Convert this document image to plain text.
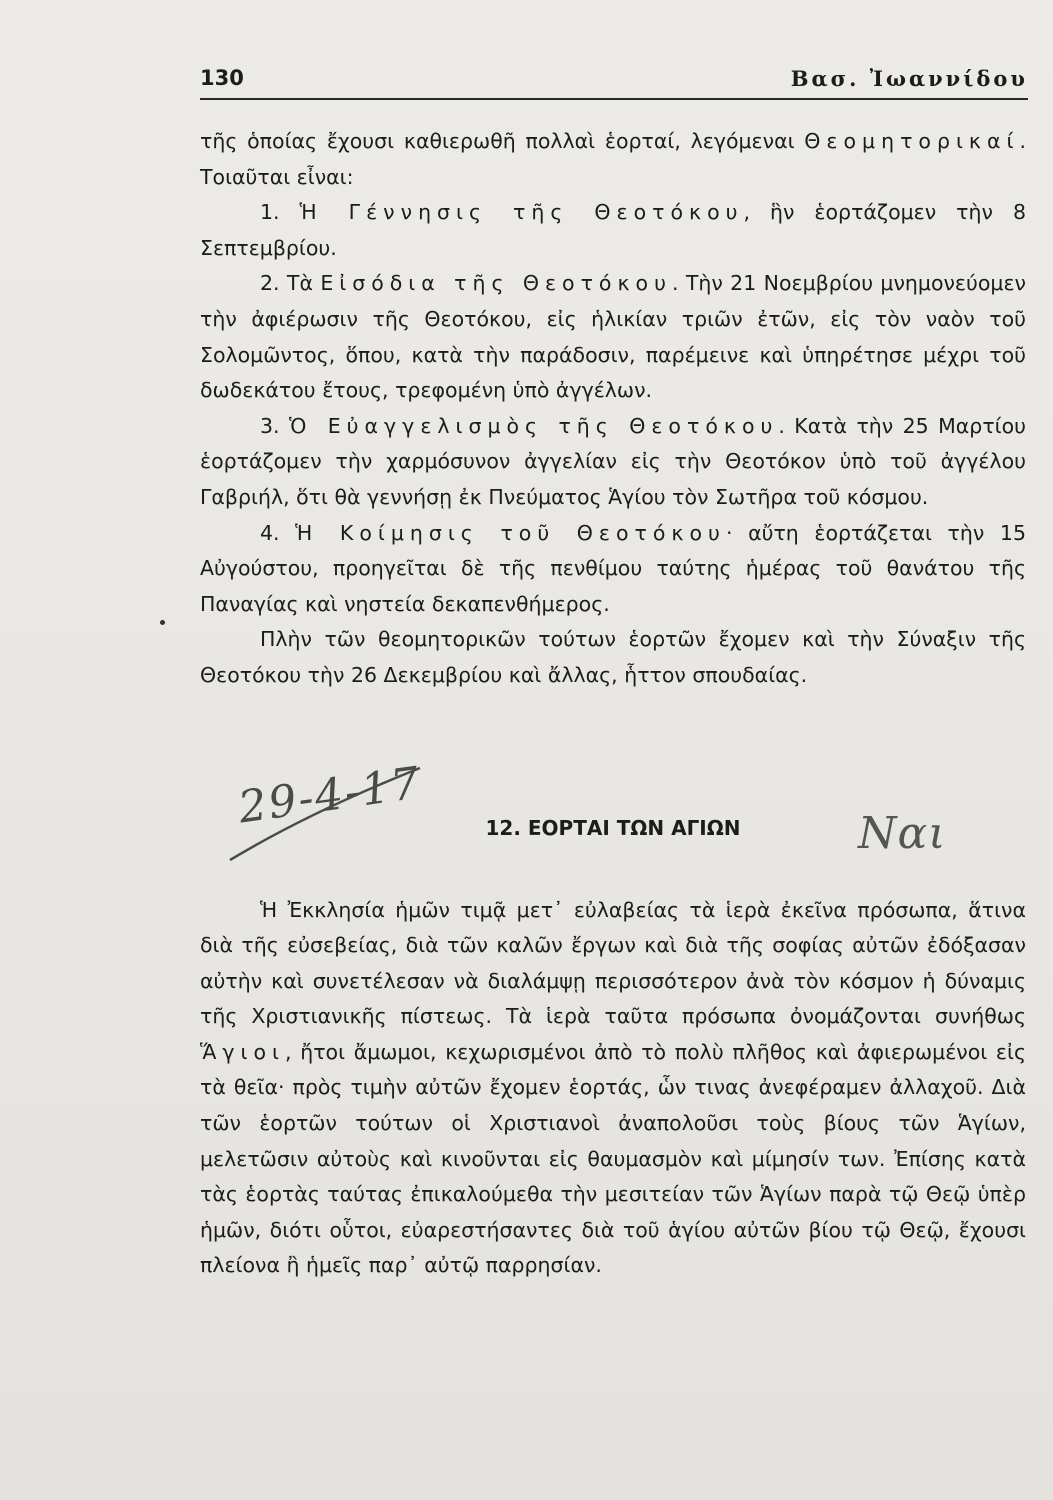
130	Βασ. Ἰωαννίδου

τῆς ὁποίας ἔχουσι καθιερωθῆ πολλαὶ ἑορταί, λεγόμεναι Θεομητορικαί. Τοιαῦται εἶναι:

1. Ἡ Γέννησις τῆς Θεοτόκου, ἣν ἑορτάζομεν τὴν 8 Σεπτεμβρίου.

2. Τὰ Εἰσόδια τῆς Θεοτόκου. Τὴν 21 Νοεμβρίου μνημονεύομεν τὴν ἀφιέρωσιν τῆς Θεοτόκου, εἰς ἡλικίαν τριῶν ἐτῶν, εἰς τὸν ναὸν τοῦ Σολομῶντος, ὅπου, κατὰ τὴν παράδοσιν, παρέμεινε καὶ ὑπηρέτησε μέχρι τοῦ δωδεκάτου ἔτους, τρεφομένη ὑπὸ ἀγγέλων.

3. Ὁ Εὐαγγελισμὸς τῆς Θεοτόκου. Κατὰ τὴν 25 Μαρτίου ἑορτάζομεν τὴν χαρμόσυνον ἀγγελίαν εἰς τὴν Θεοτόκον ὑπὸ τοῦ ἀγγέλου Γαβριήλ, ὅτι θὰ γεννήσῃ ἐκ Πνεύματος Ἁγίου τὸν Σωτῆρα τοῦ κόσμου.

4. Ἡ Κοίμησις τοῦ Θεοτόκου· αὔτη ἑορτάζεται τὴν 15 Αὐγούστου, προηγεῖται δὲ τῆς πενθίμου ταύτης ἡμέρας τοῦ θανάτου τῆς Παναγίας καὶ νηστεία δεκαπενθήμερος.

Πλὴν τῶν θεομητορικῶν τούτων ἑορτῶν ἔχομεν καὶ τὴν Σύναξιν τῆς Θεοτόκου τὴν 26 Δεκεμβρίου καὶ ἄλλας, ἧττον σπουδαίας.

29-4-17	Ναι
12. ΕΟΡΤΑΙ ΤΩΝ ΑΓΙΩΝ

Ἡ Ἐκκλησία ἡμῶν τιμᾷ μετ᾽ εὐλαβείας τὰ ἱερὰ ἐκεῖνα πρόσωπα, ἅτινα διὰ τῆς εὐσεβείας, διὰ τῶν καλῶν ἔργων καὶ διὰ τῆς σοφίας αὐτῶν ἐδόξασαν αὐτὴν καὶ συνετέλεσαν νὰ διαλάμψῃ περισσότερον ἀνὰ τὸν κόσμον ἡ δύναμις τῆς Χριστιανικῆς πίστεως. Τὰ ἱερὰ ταῦτα πρόσωπα ὀνομάζονται συνήθως Ἅγιοι, ἤτοι ἄμωμοι, κεχωρισμένοι ἀπὸ τὸ πολὺ πλῆθος καὶ ἀφιερωμένοι εἰς τὰ θεῖα· πρὸς τιμὴν αὐτῶν ἔχομεν ἑορτάς, ὧν τινας ἀνεφέραμεν ἀλλαχοῦ. Διὰ τῶν ἑορτῶν τούτων οἱ Χριστιανοὶ ἀναπολοῦσι τοὺς βίους τῶν Ἁγίων, μελετῶσιν αὐτοὺς καὶ κινοῦνται εἰς θαυμασμὸν καὶ μίμησίν των. Ἐπίσης κατὰ τὰς ἑορτὰς ταύτας ἐπικαλούμεθα τὴν μεσιτείαν τῶν Ἁγίων παρὰ τῷ Θεῷ ὑπὲρ ἡμῶν, διότι οὗτοι, εὐαρεστήσαντες διὰ τοῦ ἁγίου αὐτῶν βίου τῷ Θεῷ, ἔχουσι πλείονα ἢ ἡμεῖς παρ᾽ αὐτῷ παρρησίαν.
